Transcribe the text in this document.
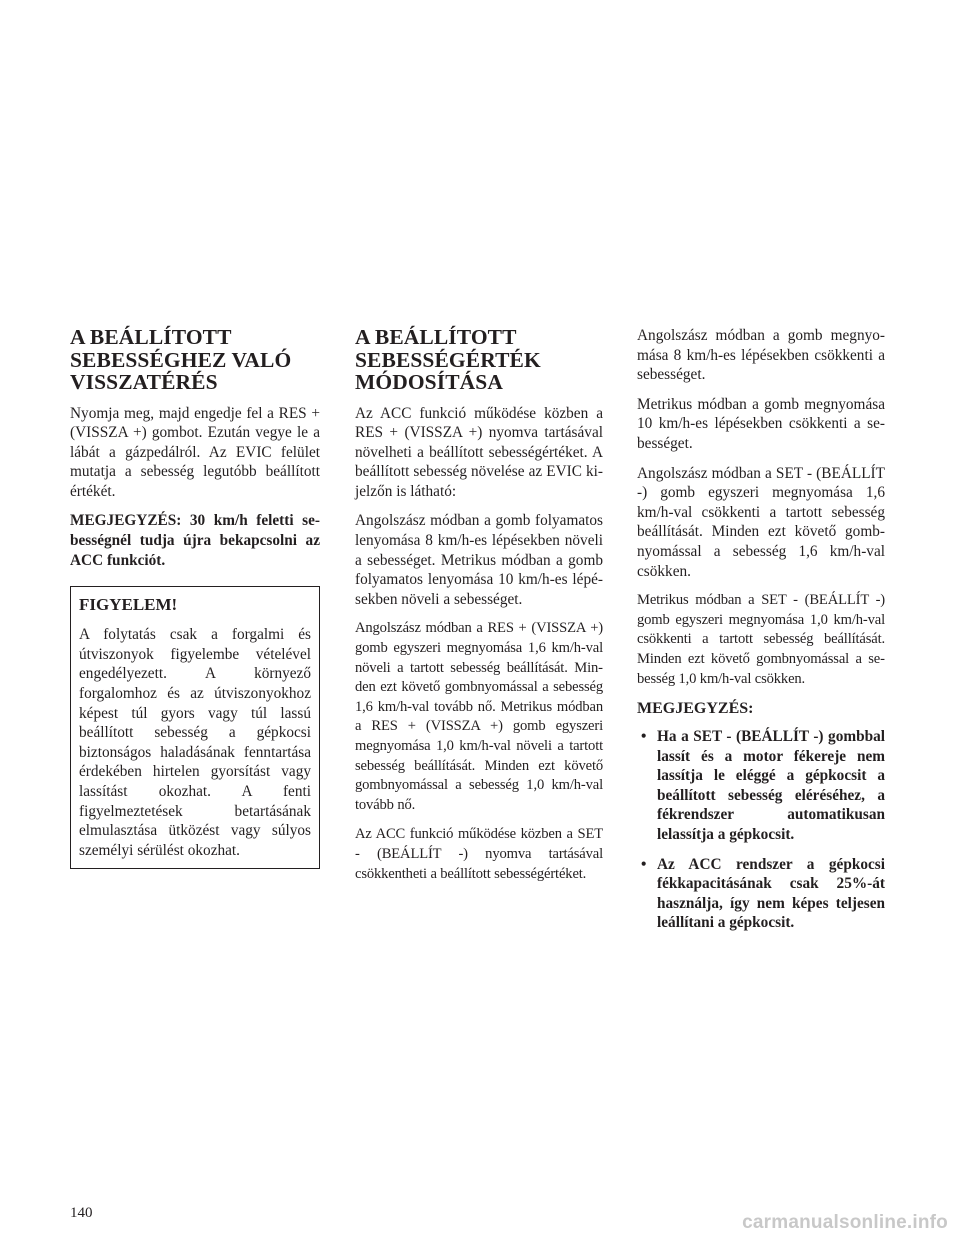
A BEÁLLÍTOTT SEBESSÉGHEZ VALÓ VISSZATÉRÉS

Nyomja meg, majd engedje fel a RES + (VISSZA +) gombot. Ezután vegye le a lábát a gázpedálról. Az EVIC felület mutatja a sebesség legutóbb beállított értékét.

MEGJEGYZÉS: 30 km/h feletti sebességnél tudja újra bekapcsolni az ACC funkciót.

FIGYELEM!

A folytatás csak a forgalmi és útviszonyok figyelembe vételével engedélyezett. A környező forgalomhoz és az útviszonyokhoz képest túl gyors vagy túl lassú beállított sebesség a gépkocsi biztonságos haladásának fenntartása érdekében hirtelen gyorsítást vagy lassítást okozhat. A fenti figyelmeztetések betartásának elmulasztása ütközést vagy súlyos személyi sérülést okozhat.

A BEÁLLÍTOTT SEBESSÉGÉRTÉK MÓDOSÍTÁSA

Az ACC funkció működése közben a RES + (VISSZA +) nyomva tartásával növelheti a beállított sebességértéket. A beállított sebesség növelése az EVIC kijelzőn is látható:

Angolszász módban a gomb folyamatos lenyomása 8 km/h-es lépésekben növeli a sebességet. Metrikus módban a gomb folyamatos lenyomása 10 km/h-es lépésekben növeli a sebességet.

Angolszász módban a RES + (VISSZA +) gomb egyszeri megnyomása 1,6 km/h-val növeli a tartott sebesség beállítását. Minden ezt követő gombnyomással a sebesség 1,6 km/h-val tovább nő. Metrikus módban a RES + (VISSZA +) gomb egyszeri megnyomása 1,0 km/h-val növeli a tartott sebesség beállítását. Minden ezt követő gombnyomással a sebesség 1,0 km/h-val tovább nő.

Az ACC funkció működése közben a SET - (BEÁLLÍT -) nyomva tartásával csökkentheti a beállított sebességértéket.

Angolszász módban a gomb megnyomása 8 km/h-es lépésekben csökkenti a sebességet.

Metrikus módban a gomb megnyomása 10 km/h-es lépésekben csökkenti a sebességet.

Angolszász módban a SET - (BEÁLLÍT -) gomb egyszeri megnyomása 1,6 km/h-val csökkenti a tartott sebesség beállítását. Minden ezt követő gombnyomással a sebesség 1,6 km/h-val csökken.

Metrikus módban a SET - (BEÁLLÍT -) gomb egyszeri megnyomása 1,0 km/h-val csökkenti a tartott sebesség beállítását. Minden ezt követő gombnyomással a sebesség 1,0 km/h-val csökken.

MEGJEGYZÉS:
• Ha a SET - (BEÁLLÍT -) gombbal lassít és a motor fékereje nem lassítja le eléggé a gépkocsit a beállított sebesség eléréséhez, a fékrendszer automatikusan lelassítja a gépkocsit.
• Az ACC rendszer a gépkocsi fékkapacitásának csak 25%-át használja, így nem képes teljesen leállítani a gépkocsit.
140	carmanualsonline.info
